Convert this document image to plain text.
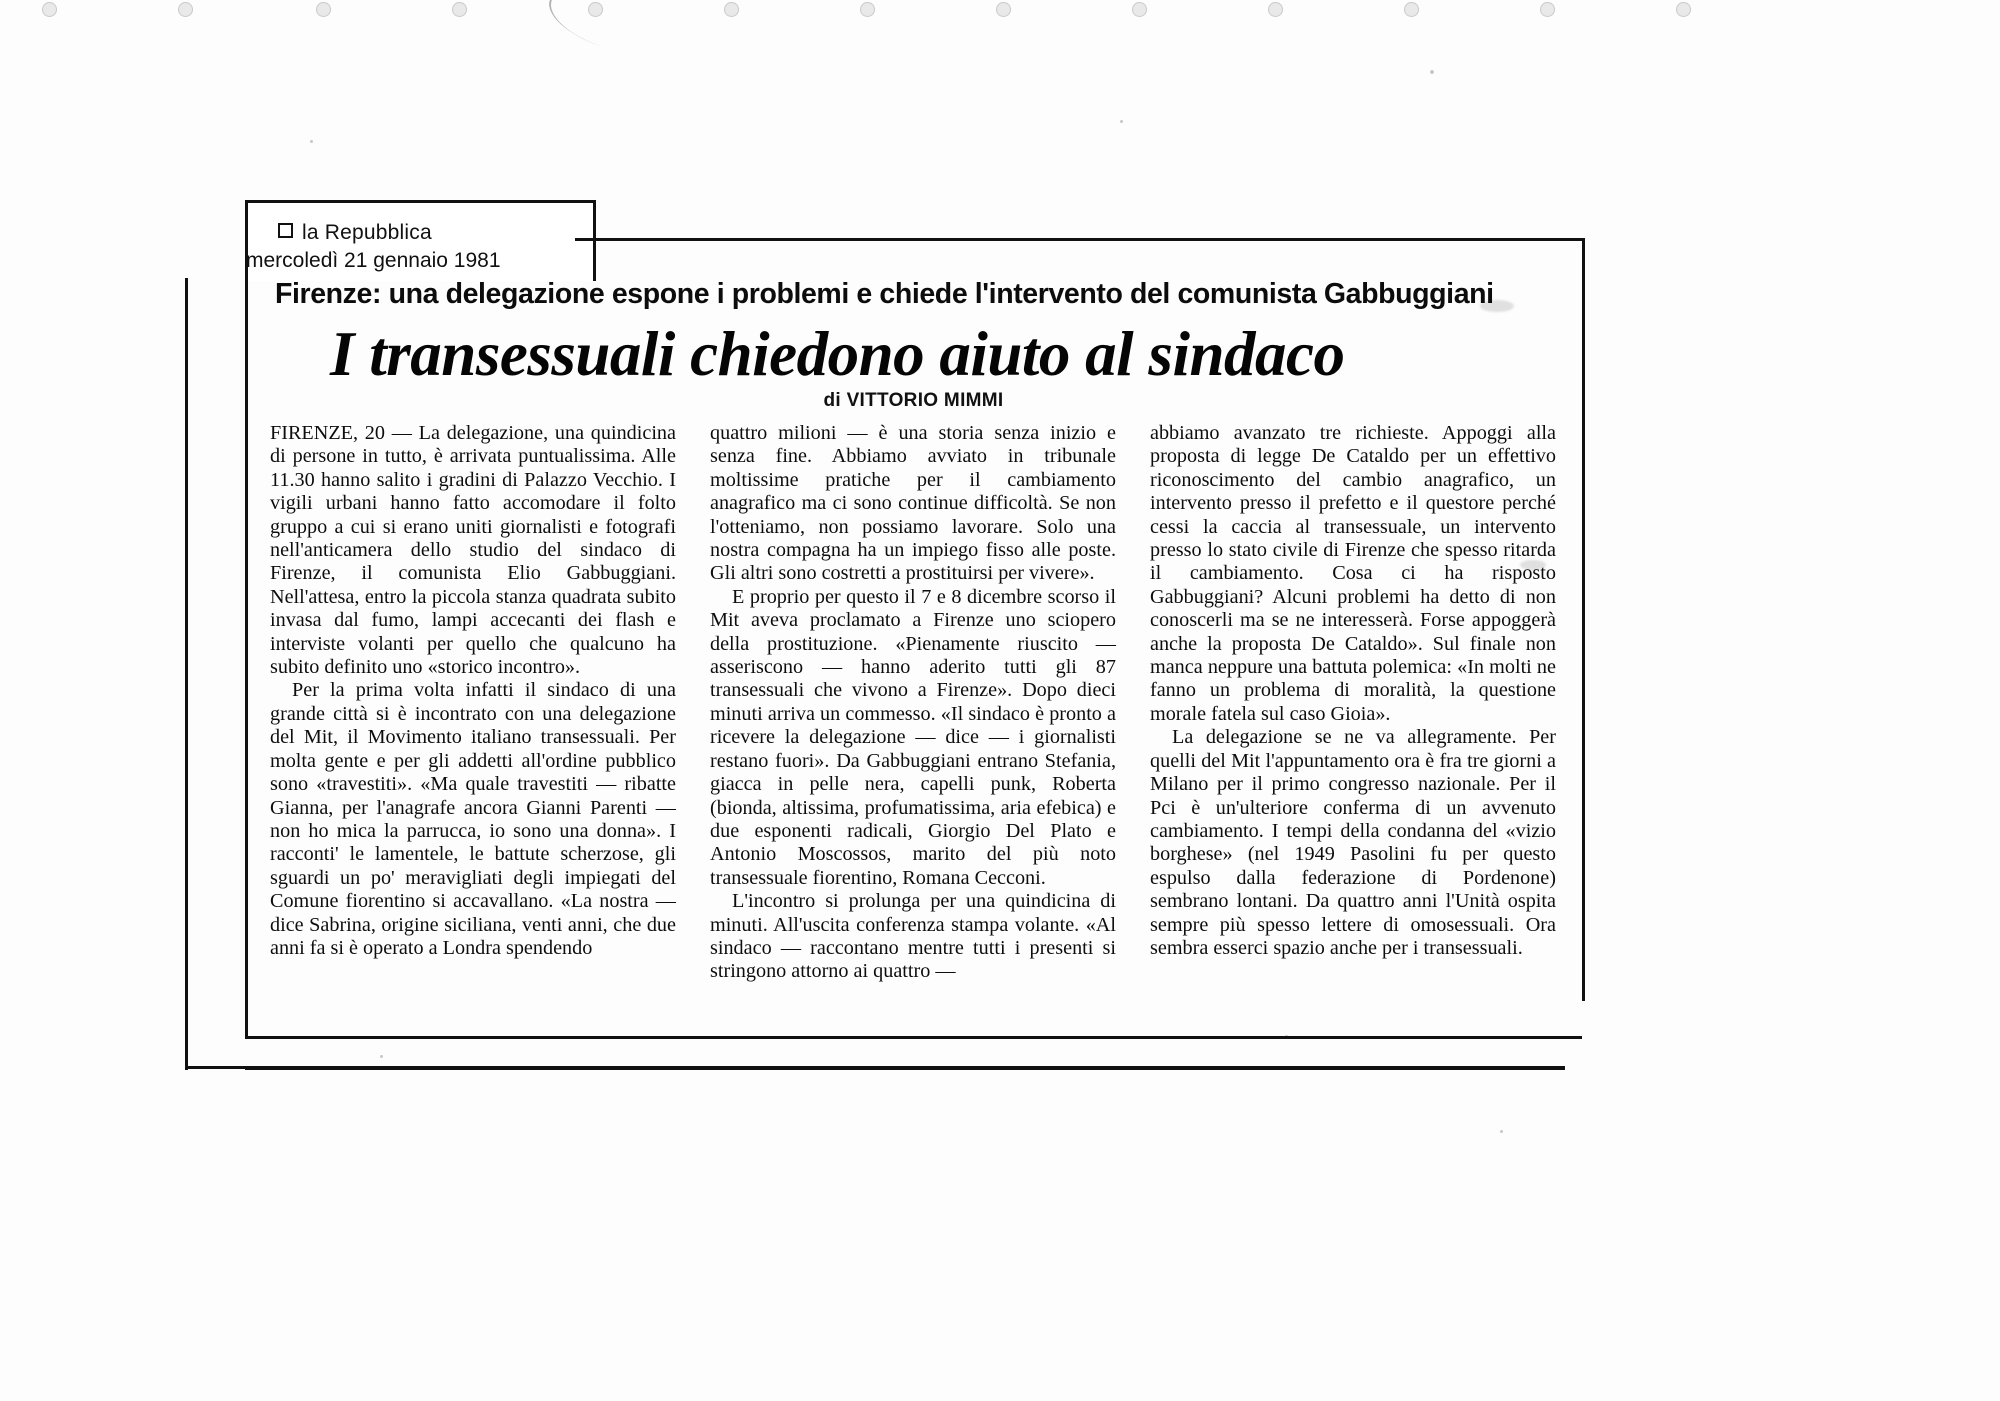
la Repubblica
mercoledì 21 gennaio 1981
Firenze: una delegazione espone i problemi e chiede l'intervento del comunista Gabbuggiani
I transessuali chiedono aiuto al sindaco
di VITTORIO MIMMI

FIRENZE, 20 — La delegazione, una quindicina di persone in tutto, è arrivata puntualissima. Alle 11.30 hanno salito i gradini di Palazzo Vecchio. I vigili urbani hanno fatto accomodare il folto gruppo a cui si erano uniti giornalisti e fotografi nell'anticamera dello studio del sindaco di Firenze, il comunista Elio Gabbuggiani. Nell'attesa, entro la piccola stanza quadrata subito invasa dal fumo, lampi accecanti dei flash e interviste volanti per quello che qualcuno ha subito definito uno «storico incontro».

Per la prima volta infatti il sindaco di una grande città si è incontrato con una delegazione del Mit, il Movimento italiano transessuali. Per molta gente e per gli addetti all'ordine pubblico sono «travestiti». «Ma quale travestiti — ribatte Gianna, per l'anagrafe ancora Gianni Parenti — non ho mica la parrucca, io sono una donna». I racconti' le lamentele, le battute scherzose, gli sguardi un po' meravigliati degli impiegati del Comune fiorentino si accavallano. «La nostra — dice Sabrina, origine siciliana, venti anni, che due anni fa si è operato a Londra spendendo

quattro milioni — è una storia senza inizio e senza fine. Abbiamo avviato in tribunale moltissime pratiche per il cambiamento anagrafico ma ci sono continue difficoltà. Se non l'otteniamo, non possiamo lavorare. Solo una nostra compagna ha un impiego fisso alle poste. Gli altri sono costretti a prostituirsi per vivere».

E proprio per questo il 7 e 8 dicembre scorso il Mit aveva proclamato a Firenze uno sciopero della prostituzione. «Pienamente riuscito — asseriscono — hanno aderito tutti gli 87 transessuali che vivono a Firenze». Dopo dieci minuti arriva un commesso. «Il sindaco è pronto a ricevere la delegazione — dice — i giornalisti restano fuori». Da Gabbuggiani entrano Stefania, giacca in pelle nera, capelli punk, Roberta (bionda, altissima, profumatissima, aria efebica) e due esponenti radicali, Giorgio Del Plato e Antonio Moscossos, marito del più noto transessuale fiorentino, Romana Cecconi.

L'incontro si prolunga per una quindicina di minuti. All'uscita conferenza stampa volante. «Al sindaco — raccontano mentre tutti i presenti si stringono attorno ai quattro —

abbiamo avanzato tre richieste. Appoggi alla proposta di legge De Cataldo per un effettivo riconoscimento del cambio anagrafico, un intervento presso il prefetto e il questore perché cessi la caccia al transessuale, un intervento presso lo stato civile di Firenze che spesso ritarda il cambiamento. Cosa ci ha risposto Gabbuggiani? Alcuni problemi ha detto di non conoscerli ma se ne interesserà. Forse appoggerà anche la proposta De Cataldo». Sul finale non manca neppure una battuta polemica: «In molti ne fanno un problema di moralità, la questione morale fatela sul caso Gioia».

La delegazione se ne va allegramente. Per quelli del Mit l'appuntamento ora è fra tre giorni a Milano per il primo congresso nazionale. Per il Pci è un'ulteriore conferma di un avvenuto cambiamento. I tempi della condanna del «vizio borghese» (nel 1949 Pasolini fu per questo espulso dalla federazione di Pordenone) sembrano lontani. Da quattro anni l'Unità ospita sempre più spesso lettere di omosessuali. Ora sembra esserci spazio anche per i transessuali.
